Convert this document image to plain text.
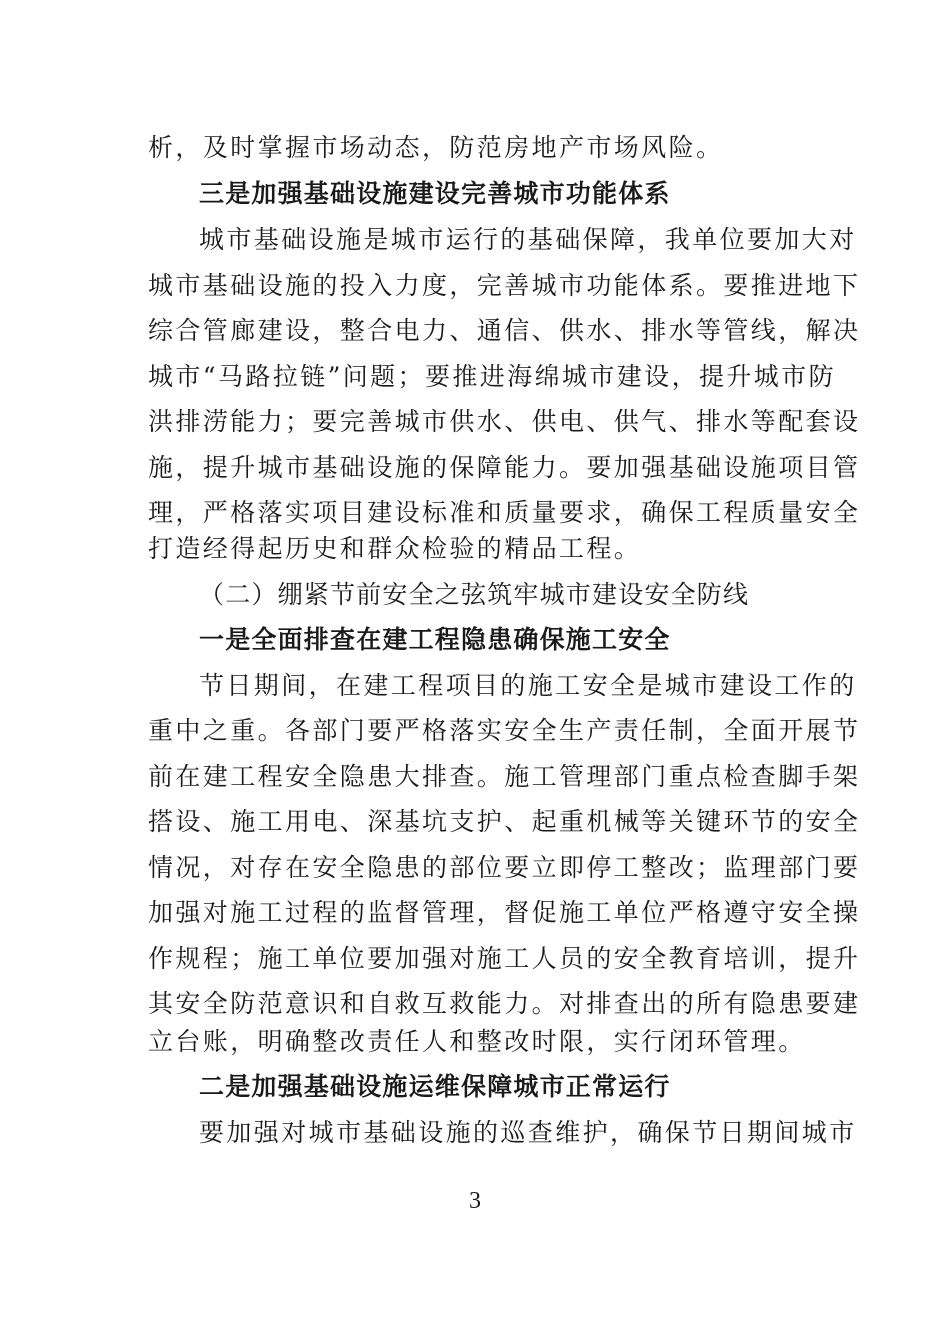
析，及时掌握市场动态，防范房地产市场风险。
三是加强基础设施建设完善城市功能体系
城市基础设施是城市运行的基础保障，我单位要加大对
城市基础设施的投入力度，完善城市功能体系。要推进地下
综合管廊建设，整合电力、通信、供水、排水等管线，解决
城市“马路拉链”问题；要推进海绵城市建设，提升城市防
洪排涝能力；要完善城市供水、供电、供气、排水等配套设
施，提升城市基础设施的保障能力。要加强基础设施项目管
理，严格落实项目建设标准和质量要求，确保工程质量安全
打造经得起历史和群众检验的精品工程。
（二）绷紧节前安全之弦筑牢城市建设安全防线
一是全面排查在建工程隐患确保施工安全
节日期间，在建工程项目的施工安全是城市建设工作的
重中之重。各部门要严格落实安全生产责任制，全面开展节
前在建工程安全隐患大排查。施工管理部门重点检查脚手架
搭设、施工用电、深基坑支护、起重机械等关键环节的安全
情况，对存在安全隐患的部位要立即停工整改；监理部门要
加强对施工过程的监督管理，督促施工单位严格遵守安全操
作规程；施工单位要加强对施工人员的安全教育培训，提升
其安全防范意识和自救互救能力。对排查出的所有隐患要建
立台账，明确整改责任人和整改时限，实行闭环管理。
二是加强基础设施运维保障城市正常运行
要加强对城市基础设施的巡查维护，确保节日期间城市
3
